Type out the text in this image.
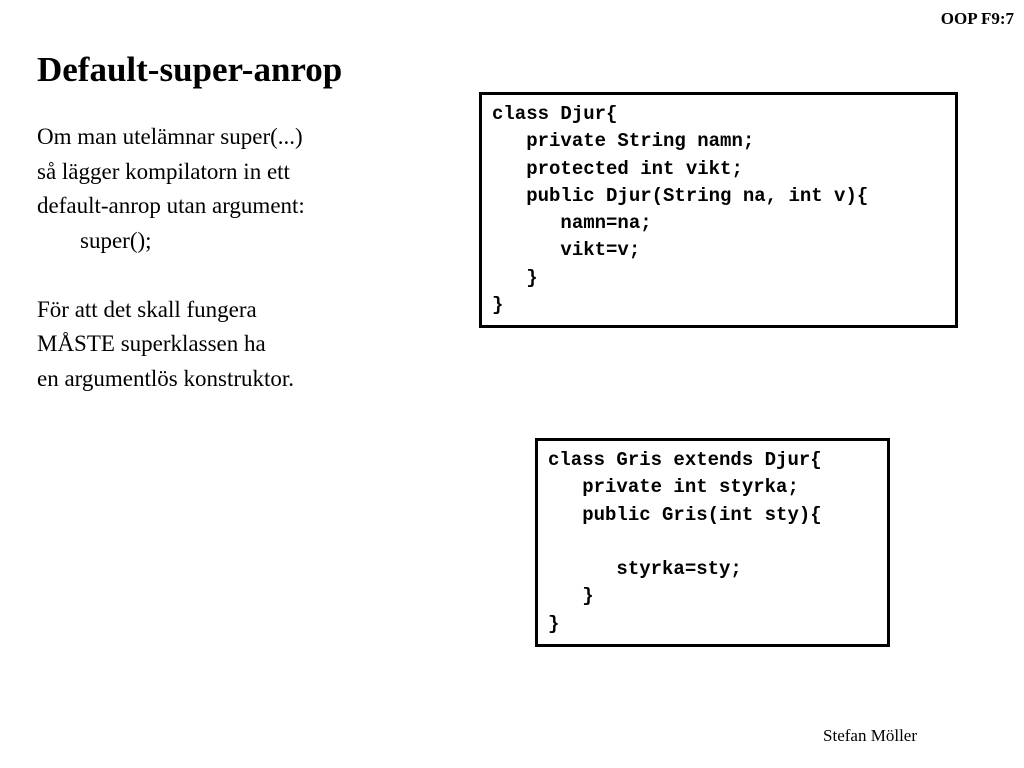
OOP F9:7
Default-super-anrop
Om man utelämnar super(...)
så lägger kompilatorn in ett
default-anrop utan argument:
super();
För att det skall fungera
MÅSTE superklassen ha
en argumentlös konstruktor.
class Djur{
private String namn;
protected int vikt;
public Djur(String na, int v){
namn=na;
vikt=v;
}
}
class Gris extends Djur{
private int styrka;
public Gris(int sty){
styrka=sty;
}
}
Stefan Möller
